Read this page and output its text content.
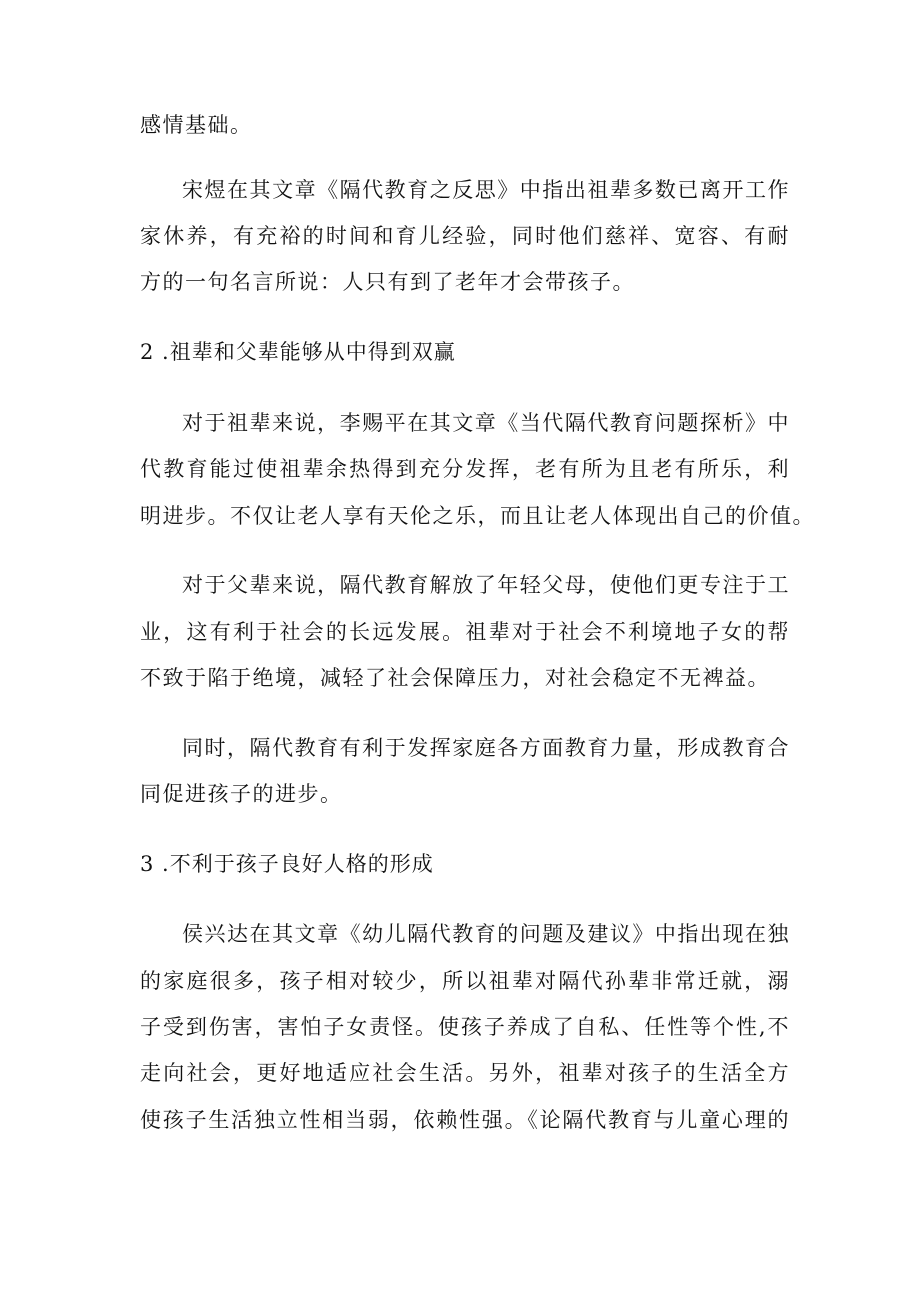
感情基础。
宋煜在其文章《隔代教育之反思》中指出祖辈多数已离开工作
家休养，有充裕的时间和育儿经验，同时他们慈祥、宽容、有耐
方的一句名言所说：人只有到了老年才会带孩子。
2 .祖辈和父辈能够从中得到双赢
对于祖辈来说，李赐平在其文章《当代隔代教育问题探析》中
代教育能过使祖辈余热得到充分发挥，老有所为且老有所乐，利
明进步。不仅让老人享有天伦之乐，而且让老人体现出自己的价值。
对于父辈来说，隔代教育解放了年轻父母，使他们更专注于工
业，这有利于社会的长远发展。祖辈对于社会不利境地子女的帮
不致于陷于绝境，减轻了社会保障压力，对社会稳定不无裨益。
同时，隔代教育有利于发挥家庭各方面教育力量，形成教育合
同促进孩子的进步。
3 .不利于孩子良好人格的形成
侯兴达在其文章《幼儿隔代教育的问题及建议》中指出现在独
的家庭很多，孩子相对较少，所以祖辈对隔代孙辈非常迁就，溺
子受到伤害，害怕子女责怪。使孩子养成了自私、任性等个性,不
走向社会，更好地适应社会生活。另外，祖辈对孩子的生活全方
使孩子生活独立性相当弱，依赖性强。《论隔代教育与儿童心理的
